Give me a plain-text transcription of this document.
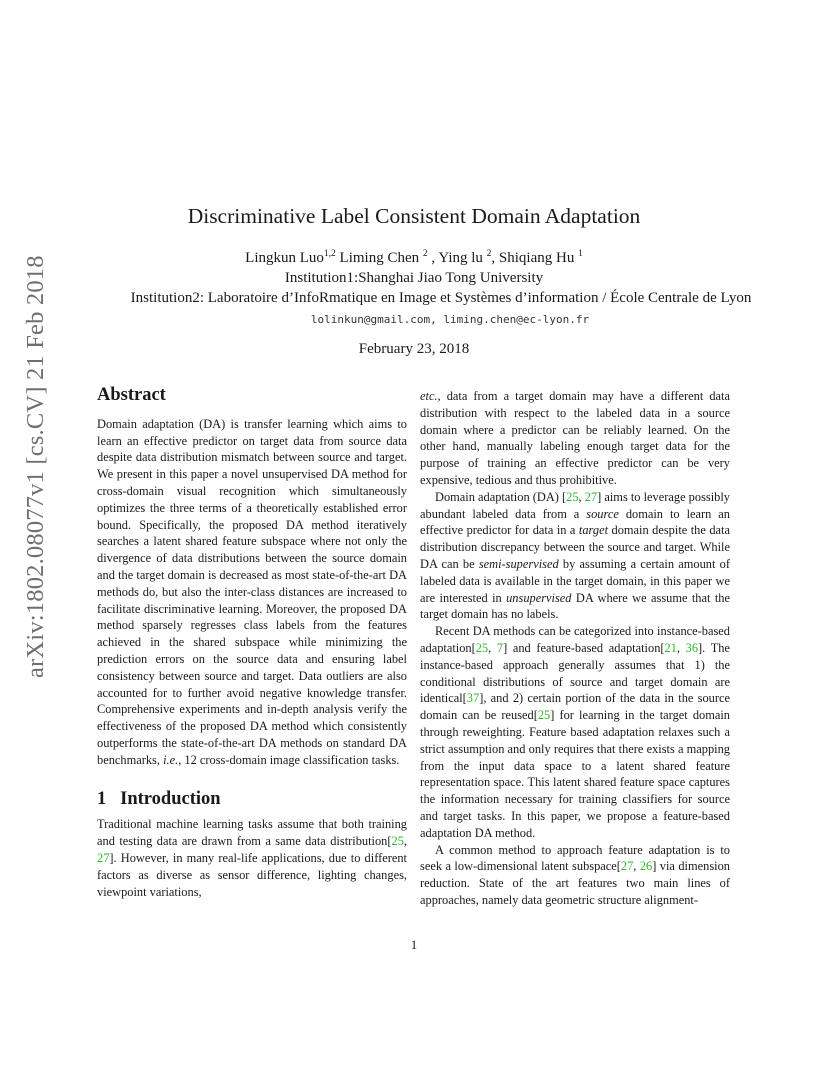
arXiv:1802.08077v1 [cs.CV] 21 Feb 2018
Discriminative Label Consistent Domain Adaptation
Lingkun Luo$^{1,2}$ Liming Chen $^2$ , Ying lu $^2$, Shiqiang Hu $^1$
Institution1:Shanghai Jiao Tong University
Institution2: Laboratoire d’InfoRmatique en Image et Systèmes d’information / École Centrale de Lyon
lolinkun@gmail.com, liming.chen@ec-lyon.fr
February 23, 2018
Abstract

Domain adaptation (DA) is transfer learning which aims to learn an effective predictor on target data from source data despite data distribution mismatch between source and target. We present in this paper a novel unsupervised DA method for cross-domain visual recognition which simultaneously optimizes the three terms of a theoretically established error bound. Specifically, the proposed DA method iteratively searches a latent shared feature subspace where not only the divergence of data distributions between the source domain and the target domain is decreased as most state-of-the-art DA methods do, but also the inter-class distances are increased to facilitate discriminative learning. Moreover, the proposed DA method sparsely regresses class labels from the features achieved in the shared subspace while minimizing the prediction errors on the source data and ensuring label consistency between source and target. Data outliers are also accounted for to further avoid negative knowledge transfer. Comprehensive experiments and in-depth analysis verify the effectiveness of the proposed DA method which consistently outperforms the state-of-the-art DA methods on standard DA benchmarks, i.e., 12 cross-domain image classification tasks.

1 Introduction

Traditional machine learning tasks assume that both training and testing data are drawn from a same data distribution[25, 27]. However, in many real-life applications, due to different factors as diverse as sensor difference, lighting changes, viewpoint variations,

etc., data from a target domain may have a different data distribution with respect to the labeled data in a source domain where a predictor can be reliably learned. On the other hand, manually labeling enough target data for the purpose of training an effective predictor can be very expensive, tedious and thus prohibitive.

Domain adaptation (DA) [25, 27] aims to leverage possibly abundant labeled data from a source domain to learn an effective predictor for data in a target domain despite the data distribution discrepancy between the source and target. While DA can be semi-supervised by assuming a certain amount of labeled data is available in the target domain, in this paper we are interested in unsupervised DA where we assume that the target domain has no labels.

Recent DA methods can be categorized into instance-based adaptation[25, 7] and feature-based adaptation[21, 36]. The instance-based approach generally assumes that 1) the conditional distributions of source and target domain are identical[37], and 2) certain portion of the data in the source domain can be reused[25] for learning in the target domain through reweighting. Feature based adaptation relaxes such a strict assumption and only requires that there exists a mapping from the input data space to a latent shared feature representation space. This latent shared feature space captures the information necessary for training classifiers for source and target tasks. In this paper, we propose a feature-based adaptation DA method.

A common method to approach feature adaptation is to seek a low-dimensional latent subspace[27, 26] via dimension reduction. State of the art features two main lines of approaches, namely data geometric structure alignment-

1
